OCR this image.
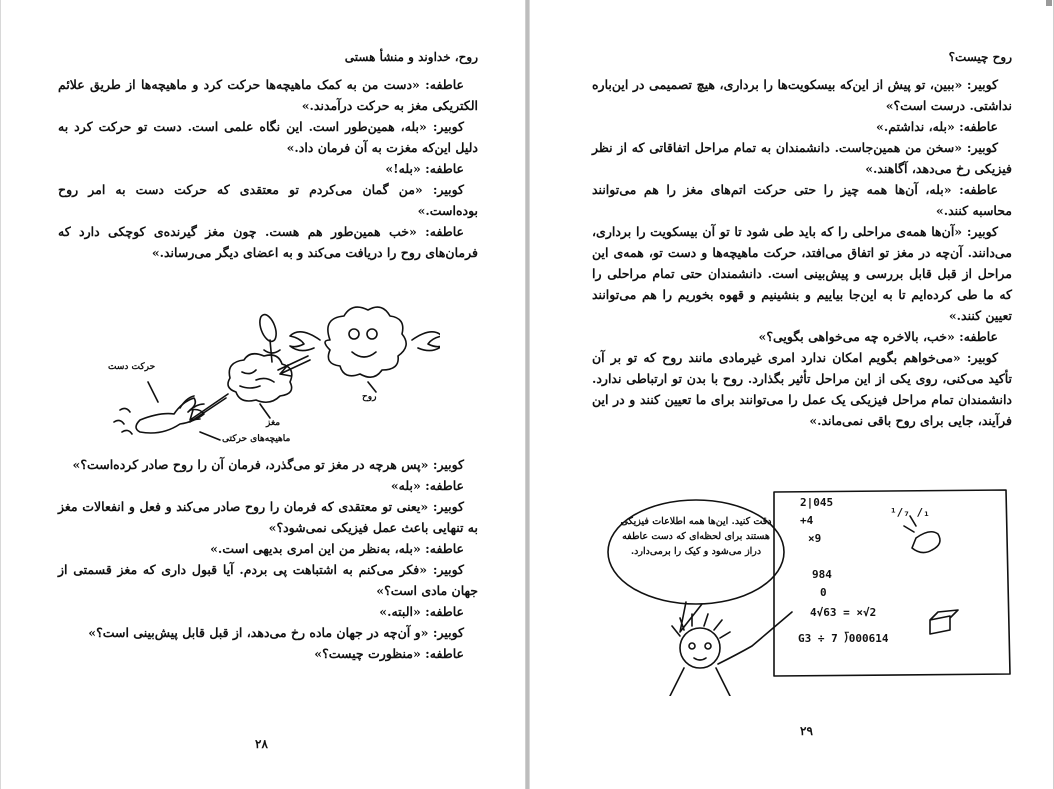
روح، خداوند و منشأ هستی

عاطفه: «دست من به کمک ماهیچه‌ها حرکت کرد و ماهیچه‌ها از طریق علائم الکتریکی مغز به حرکت درآمدند.»

کوبیر: «بله، همین‌طور است. این نگاه علمی است. دست تو حرکت کرد به دلیل این‌که مغزت به آن فرمان داد.»

عاطفه: «بله!»

کوبیر: «من گمان می‌کردم تو معتقدی که حرکت دست به امر روح بوده‌است.»

عاطفه: «خب همین‌طور هم هست. چون مغز گیرنده‌ی کوچکی دارد که فرمان‌های روح را دریافت می‌کند و به اعضای دیگر می‌رساند.»

حرکت دست
روح
مغز
ماهیچه‌های حرکتی

کوبیر: «پس هرچه در مغز تو می‌گذرد، فرمان آن را روح صادر کرده‌است؟»

عاطفه: «بله»

کوبیر: «یعنی تو معتقدی که فرمان را روح صادر می‌کند و فعل و انفعالات مغز به تنهایی باعث عمل فیزیکی نمی‌شود؟»

عاطفه: «بله، به‌نظر من این امری بدیهی است.»

کوبیر: «فکر می‌کنم به اشتباهت پی بردم. آیا قبول داری که مغز قسمتی از جهان مادی است؟»

عاطفه: «البته.»

کوبیر: «و آن‌چه در جهان ماده رخ می‌دهد، از قبل قابل پیش‌بینی است؟»

عاطفه: «منظورت چیست؟»

۲۸
روح چیست؟

کوبیر: «ببین، تو پیش از این‌که بیسکویت‌ها را برداری، هیچ تصمیمی در این‌باره نداشتی. درست است؟»

عاطفه: «بله، نداشتم.»

کوبیر: «سخن من همین‌جاست. دانشمندان به تمام مراحل اتفاقاتی که از نظر فیزیکی رخ می‌دهد، آگاهند.»

عاطفه: «بله، آن‌ها همه چیز را حتی حرکت اتم‌های مغز را هم می‌توانند محاسبه کنند.»

کوبیر: «آن‌ها همه‌ی مراحلی را که باید طی شود تا تو آن بیسکویت را برداری، می‌دانند. آن‌چه در مغز تو اتفاق می‌افتد، حرکت ماهیچه‌ها و دست تو، همه‌ی این مراحل از قبل قابل بررسی و پیش‌بینی است. دانشمندان حتی تمام مراحلی را که ما طی کرده‌ایم تا به این‌جا بیاییم و بنشینیم و قهوه بخوریم را هم می‌توانند تعیین کنند.»

عاطفه: «خب، بالاخره چه می‌خواهی بگویی؟»

کوبیر: «می‌خواهم بگویم امکان ندارد امری غیرمادی مانند روح که تو بر آن تأکید می‌کنی، روی یکی از این مراحل تأثیر بگذارد. روح با بدن تو ارتباطی ندارد. دانشمندان تمام مراحل فیزیکی یک عمل را می‌توانند برای ما تعیین کنند و در این فرآیند، جایی برای روح باقی نمی‌ماند.»

دقت کنید. این‌ها همه اطلاعات فیزیکی
هستند برای لحظه‌ای که دست عاطفه
دراز می‌شود و کیک را برمی‌دارد.
2|045
¹/₇ /₁
+4
×9
984
0
4√63 = ×√2
G3 ÷ 7 ⟌000614
۲۹
